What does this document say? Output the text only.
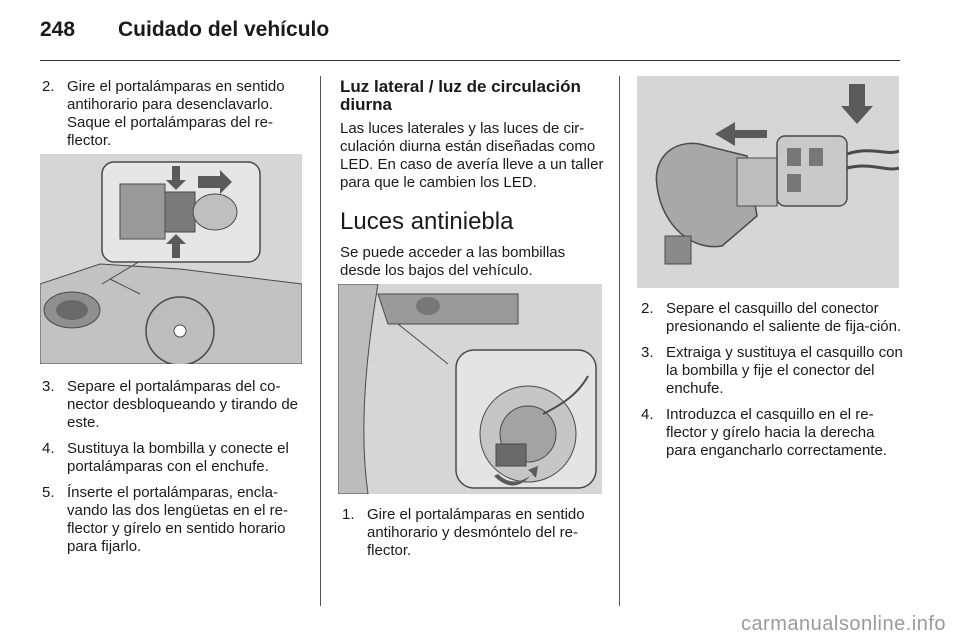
248 Cuidado del vehículo
2. Gire el portalámparas en sentido antihorario para desenclavarlo. Saque el portalámparas del re-flector.
3. Separe el portalámparas del co-nector desbloqueando y tirando de este.
4. Sustituya la bombilla y conecte el portalámparas con el enchufe.
5. Ínserte el portalámparas, encla-vando las dos lengüetas en el re-flector y gírelo en sentido horario para fijarlo.
Luz lateral / luz de circulación diurna
Las luces laterales y las luces de cir-culación diurna están diseñadas como LED. En caso de avería lleve a un taller para que le cambien los LED.
Luces antiniebla
Se puede acceder a las bombillas desde los bajos del vehículo.
1. Gire el portalámparas en sentido antihorario y desmóntelo del re-flector.
2. Separe el casquillo del conector presionando el saliente de fija-ción.
3. Extraiga y sustituya el casquillo con la bombilla y fije el conector del enchufe.
4. Introduzca el casquillo en el re-flector y gírelo hacia la derecha para engancharlo correctamente.
carmanualsonline.info
